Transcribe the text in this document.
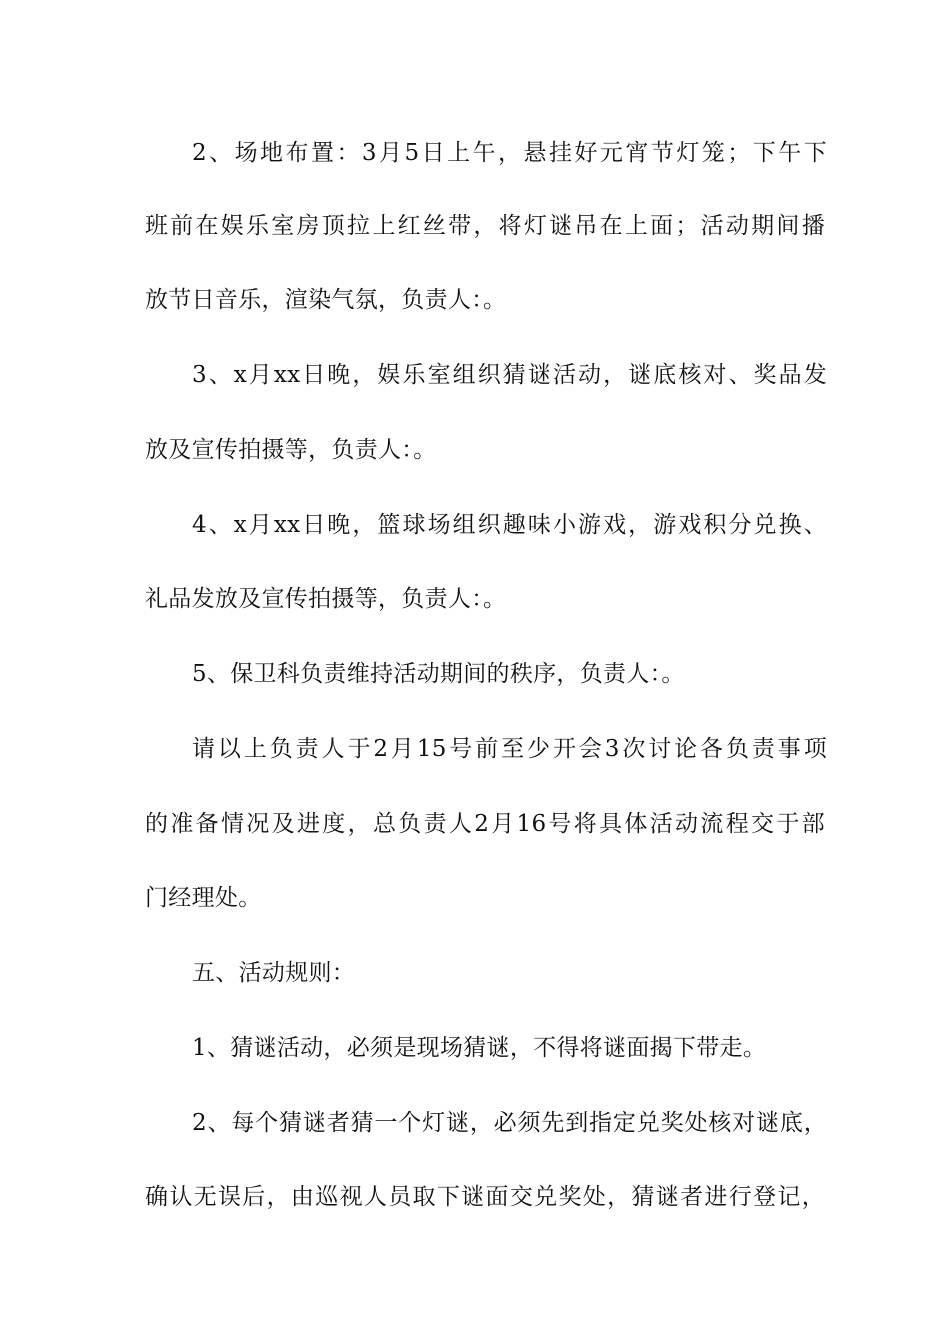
2、场地布置：3月5日上午，悬挂好元宵节灯笼；下午下
班前在娱乐室房顶拉上红丝带，将灯谜吊在上面；活动期间播
放节日音乐，渲染气氛，负责人：。
3、x月xx日晚，娱乐室组织猜谜活动，谜底核对、奖品发
放及宣传拍摄等，负责人：。
4、x月xx日晚，篮球场组织趣味小游戏，游戏积分兑换、
礼品发放及宣传拍摄等，负责人：。
5、保卫科负责维持活动期间的秩序，负责人：。
请以上负责人于2月15号前至少开会3次讨论各负责事项
的准备情况及进度，总负责人2月16号将具体活动流程交于部
门经理处。
五、活动规则：
1、猜谜活动，必须是现场猜谜，不得将谜面揭下带走。
2、每个猜谜者猜一个灯谜，必须先到指定兑奖处核对谜底，
确认无误后，由巡视人员取下谜面交兑奖处，猜谜者进行登记，
